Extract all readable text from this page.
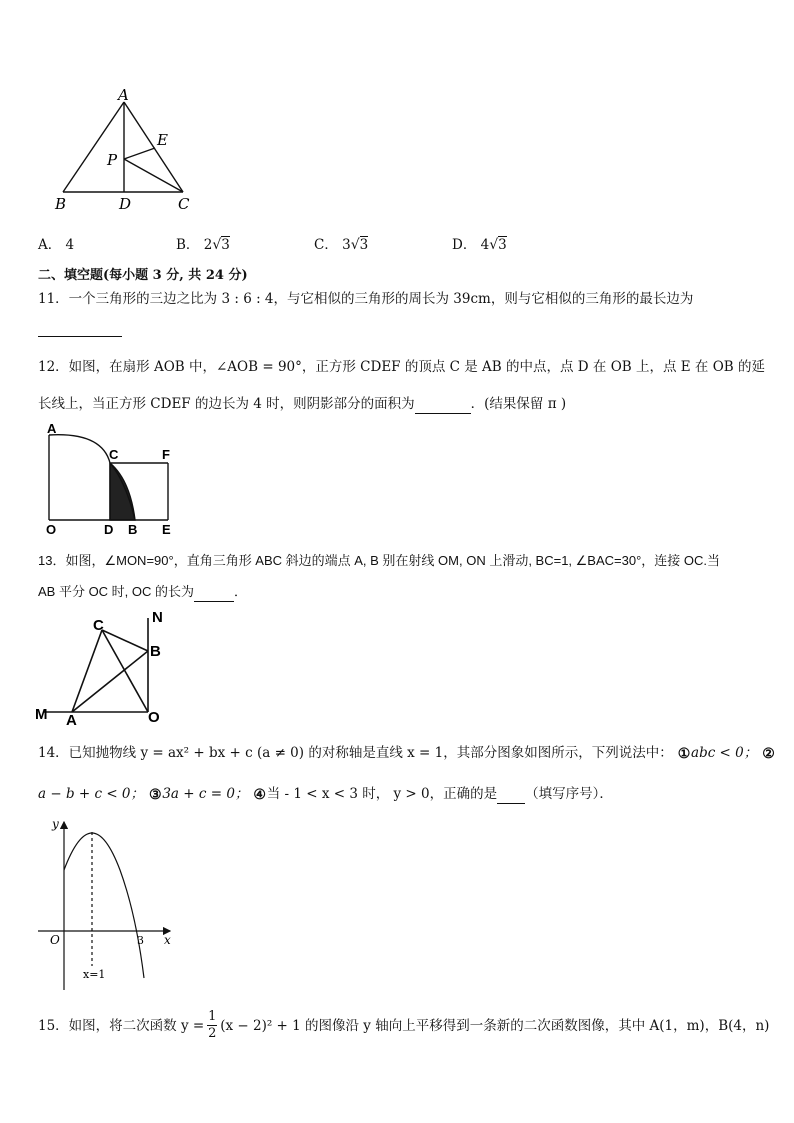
A
E
P
B	D	C
A． 4	B． 2√3	C． 3√3	D． 4√3
二、填空题(每小题 3 分, 共 24 分)
11．一个三角形的三边之比为 3 : 6 : 4，与它相似的三角形的周长为 39cm，则与它相似的三角形的最长边为
12．如图，在扇形 AOB 中，∠AOB = 90°，正方形 CDEF 的顶点 C 是 AB 的中点，点 D 在 OB 上，点 E 在 OB 的延
长线上，当正方形 CDEF 的边长为 4 时，则阴影部分的面积为	．(结果保留 π )
A
C	F
O	D B E
13．如图，∠MON=90°，直角三角形 ABC 斜边的端点 A, B 别在射线 OM, ON 上滑动, BC=1, ∠BAC=30°，连接 OC.当
AB 平分 OC 时, OC 的长为	．
C	N
B
M A	O
14．已知抛物线 y = ax² + bx + c (a ≠ 0) 的对称轴是直线 x = 1，其部分图象如图所示，下列说法中： ①abc < 0； ②
a − b + c < 0； ③3a + c = 0； ④当 - 1 < x < 3 时， y > 0，正确的是 （填写序号）．
y
O	3 x
x=1
15．如图，将二次函数 y =
1
2 (x − 2)² + 1 的图像沿 y 轴向上平移得到一条新的二次函数图像，其中 A(1，m)，B(4，n)
